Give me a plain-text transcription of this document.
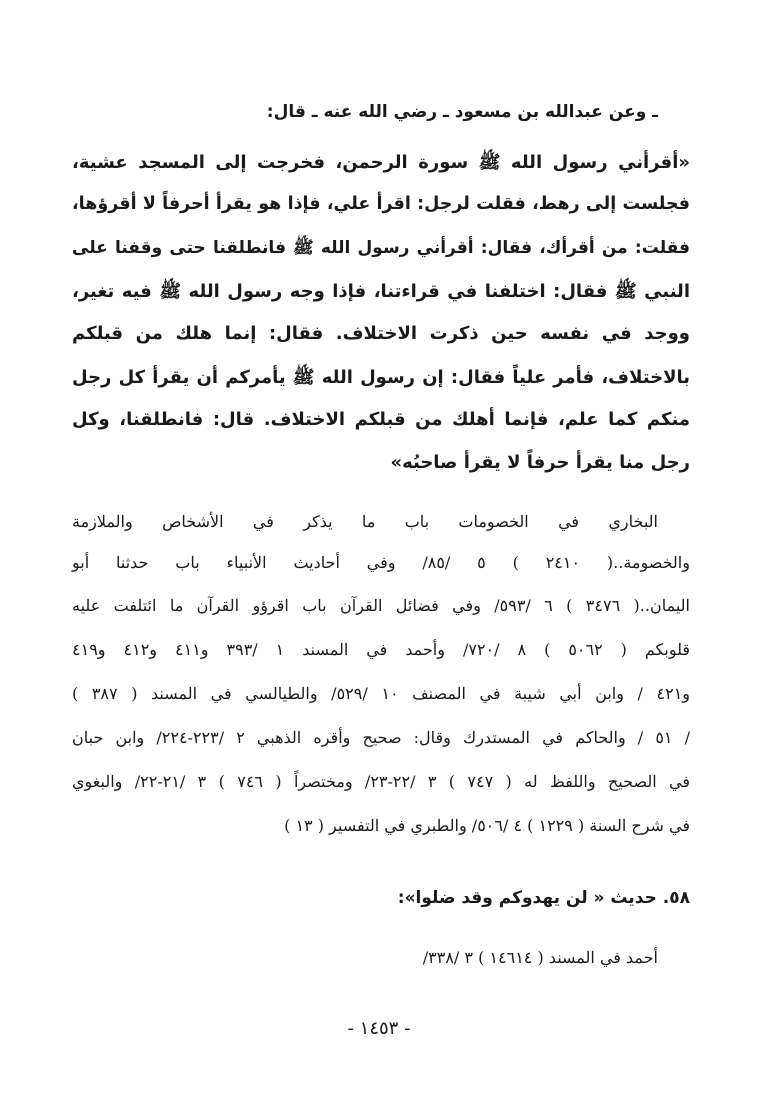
ـ وعن عبدالله بن مسعود ـ رضي الله عنه ـ قال:
«أقرأني رسول الله ﷺ سورة الرحمن، فخرجت إلى المسجد عشية،
فجلست إلى رهط، فقلت لرجل: اقرأ علي، فإذا هو يقرأ أحرفاً لا أقرؤها،
فقلت: من أقرأك، فقال: أقرأني رسول الله ﷺ فانطلقنا حتى وقفنا على
النبي ﷺ فقال: اختلفنا في قراءتنا، فإذا وجه رسول الله ﷺ فيه تغير،
ووجد في نفسه حين ذكرت الاختلاف. فقال: إنما هلك من قبلكم
بالاختلاف، فأمر علياً فقال: إن رسول الله ﷺ يأمركم أن يقرأ كل رجل
منكم كما علم، فإنما أهلك من قبلكم الاختلاف. قال: فانطلقنا، وكل
رجل منا يقرأ حرفاً لا يقرأ صاحبُه»
البخاري في الخصومات باب ما يذكر في الأشخاص والملازمة
والخصومة..( ٢٤١٠ ) ٥ /٨٥/ وفي أحاديث الأنبياء باب حدثنا أبو
اليمان..( ٣٤٧٦ ) ٦ /٥٩٣/ وفي فضائل القرآن باب اقرؤو القرآن ما ائتلفت عليه
قلوبكم ( ٥٠٦٢ ) ٨ /٧٢٠/ وأحمد في المسند ١ /٣٩٣ و٤١١ و٤١٢ و٤١٩
و٤٢١ / وابن أبي شيبة في المصنف ١٠ /٥٢٩/ والطيالسي في المسند ( ٣٨٧ )
/ ٥١ / والحاكم في المستدرك وقال: صحيح وأقره الذهبي ٢ /٢٢٣-٢٢٤/ وابن حبان
في الصحيح واللفظ له ( ٧٤٧ ) ٣ /٢٢-٢٣/ ومختصراً ( ٧٤٦ ) ٣ /٢١-٢٢/ والبغوي
في شرح السنة ( ١٢٢٩ ) ٤ /٥٠٦/ والطبري في التفسير ( ١٣ )
٥٨. حديث « لن يهدوكم وقد ضلوا»:
أحمد في المسند ( ١٤٦١٤ ) ٣ /٣٣٨/
- ١٤٥٣ -
